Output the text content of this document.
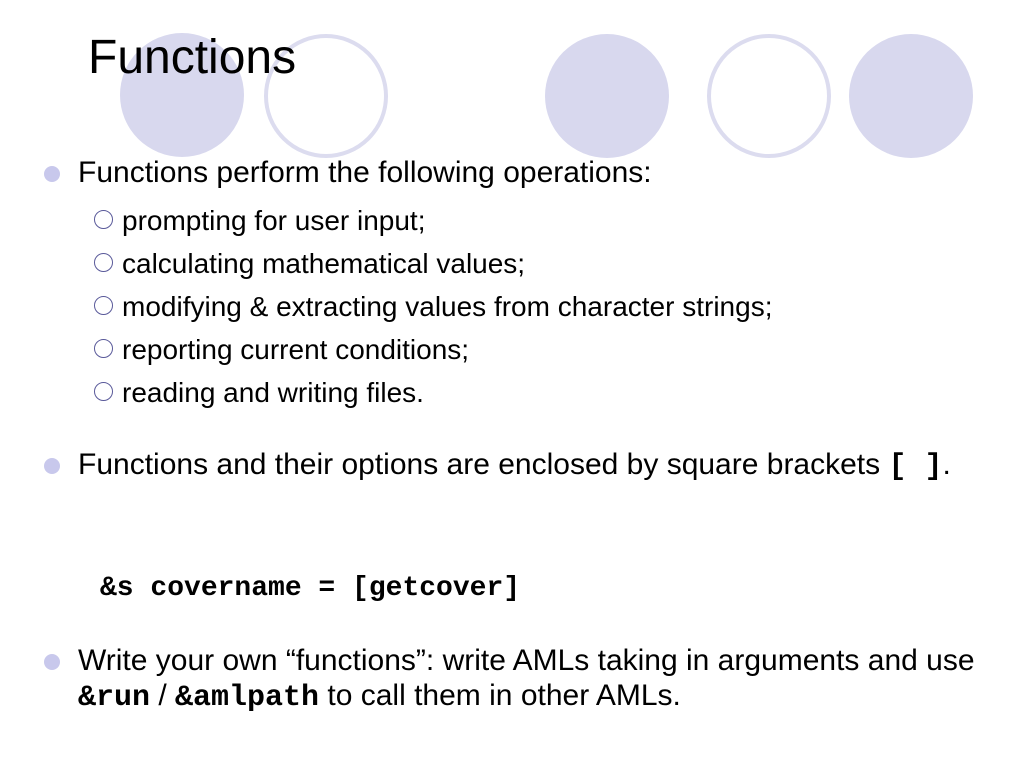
Functions
Functions perform the following operations:
prompting for user input;
calculating mathematical values;
modifying & extracting values from character strings;
reporting current conditions;
reading and writing files.
Functions and their options are enclosed by square brackets [ ].
&s covername = [getcover]
Write your own “functions”: write AMLs taking in arguments and use &run / &amlpath to call them in other AMLs.
